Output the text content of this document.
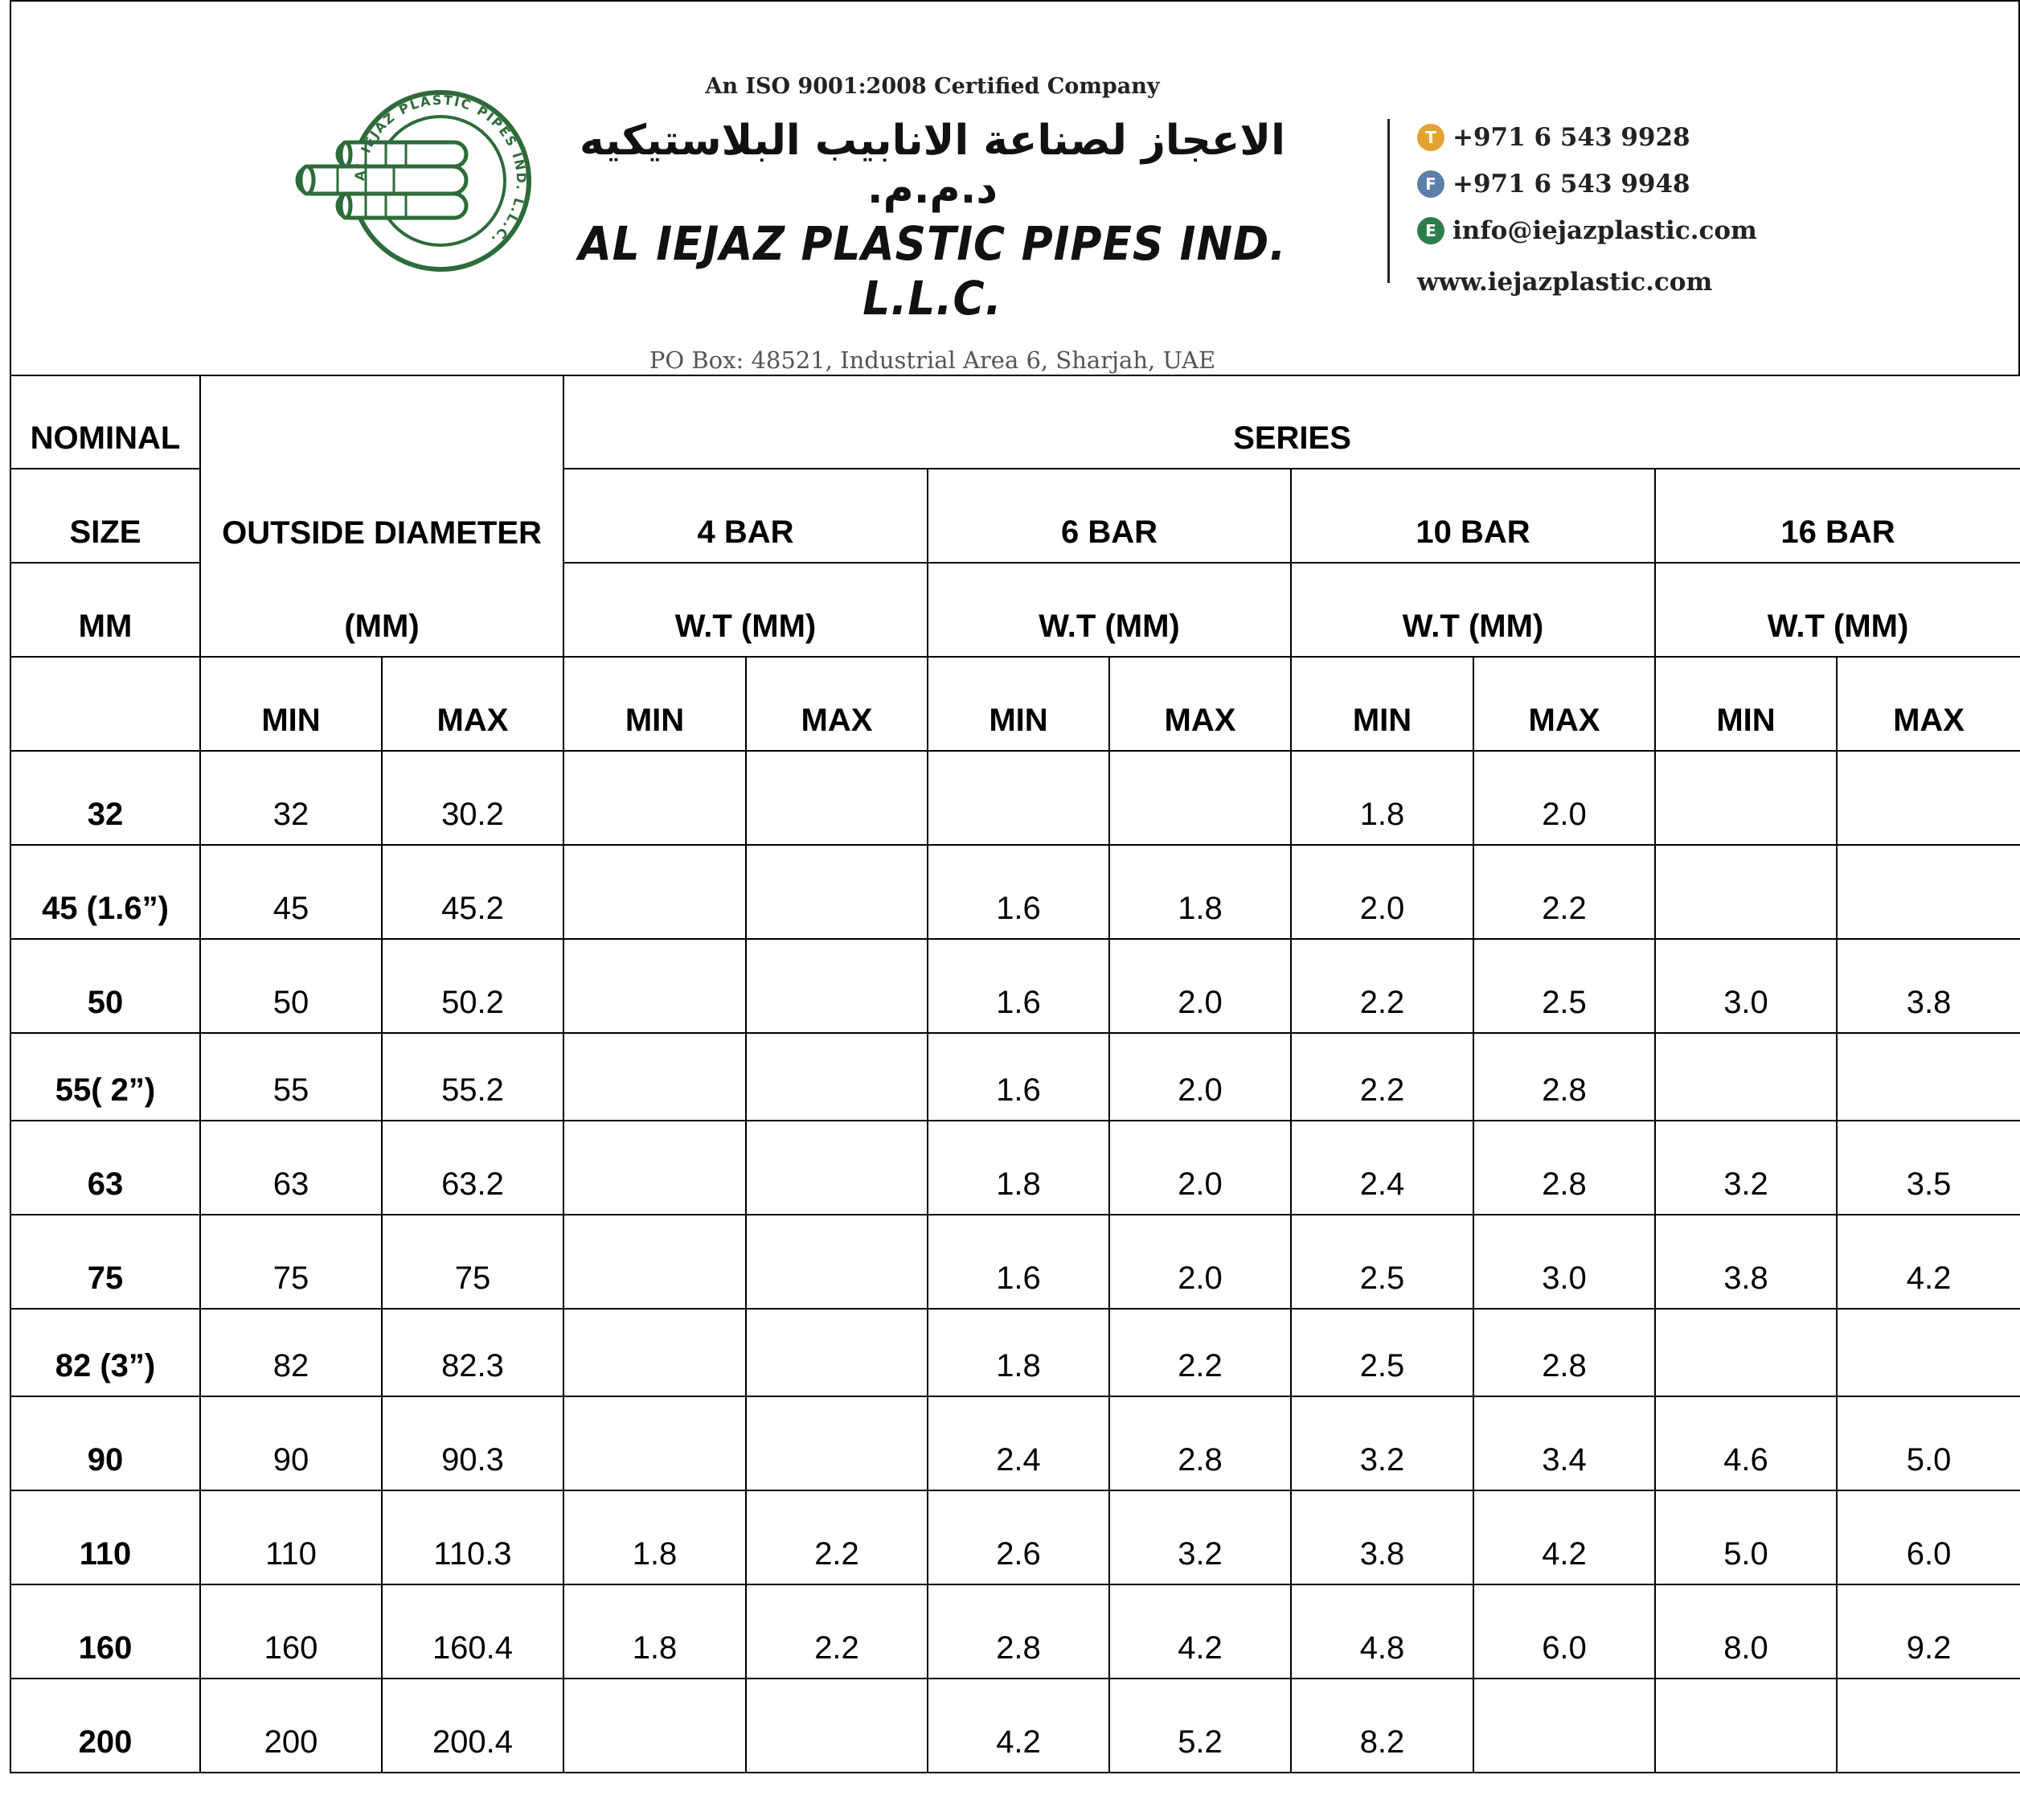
AL IEJAZ PLASTIC PIPES IND. L.L.C.
An ISO 9001:2008 Certified Company
الاعجاز لصناعة الانابيب البلاستيكيه د.م.م.
AL IEJAZ PLASTIC PIPES IND. L.L.C.
PO Box: 48521, Industrial Area 6, Sharjah, UAE
T +971 6 543 9928
F +971 6 543 9948
E info@iejazplastic.com
www.iejazplastic.com
NOMINAL			SERIES							
SIZE	OUTSIDE DIAMETER		4 BAR		6 BAR		10 BAR		16 BAR	
MM	(MM)		W.T (MM)		W.T (MM)		W.T (MM)		W.T (MM)	
	MIN	MAX	MIN	MAX	MIN	MAX	MIN	MAX	MIN	MAX
32	32	30.2					1.8	2.0		
45 (1.6”)	45	45.2			1.6	1.8	2.0	2.2		
50	50	50.2			1.6	2.0	2.2	2.5	3.0	3.8
55( 2”)	55	55.2			1.6	2.0	2.2	2.8		
63	63	63.2			1.8	2.0	2.4	2.8	3.2	3.5
75	75	75			1.6	2.0	2.5	3.0	3.8	4.2
82 (3”)	82	82.3			1.8	2.2	2.5	2.8		
90	90	90.3			2.4	2.8	3.2	3.4	4.6	5.0
110	110	110.3	1.8	2.2	2.6	3.2	3.8	4.2	5.0	6.0
160	160	160.4	1.8	2.2	2.8	4.2	4.8	6.0	8.0	9.2
200	200	200.4			4.2	5.2	8.2			
